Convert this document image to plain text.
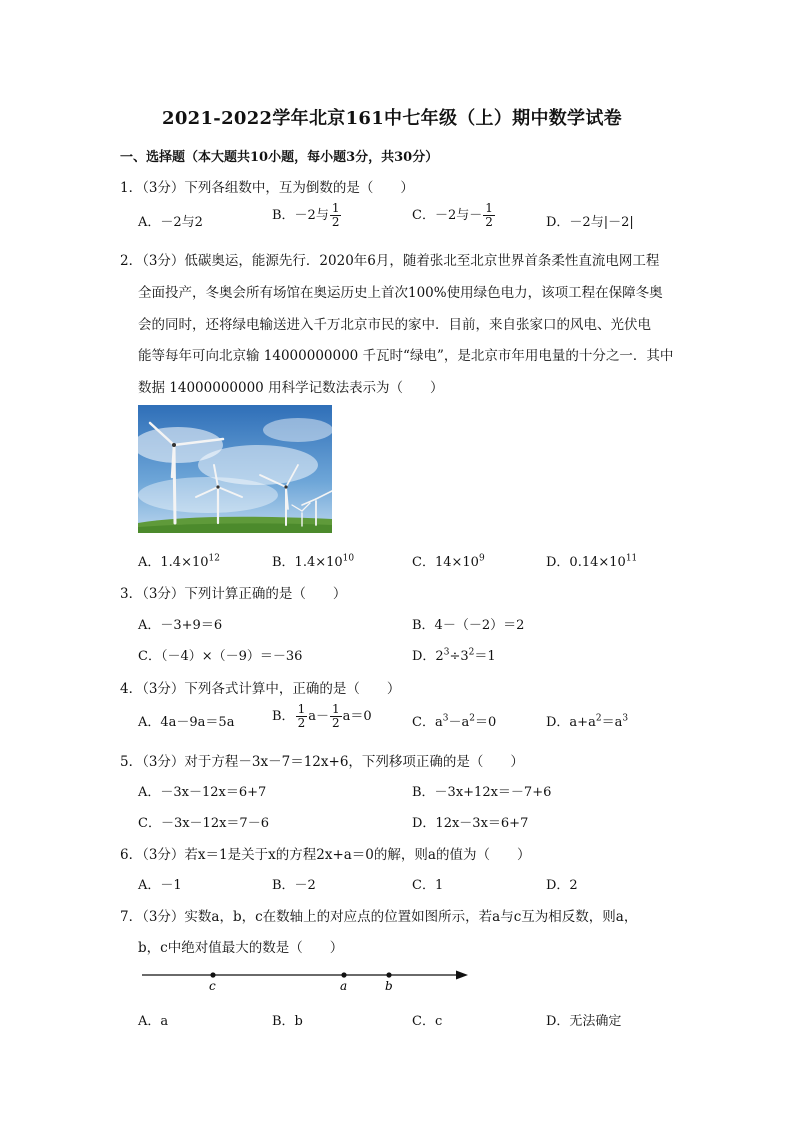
2021-2022学年北京161中七年级（上）期中数学试卷
一、选择题（本大题共10小题，每小题3分，共30分）
1．（3分）下列各组数中，互为倒数的是（　　）
A．－2与2	B．－2与 $\frac{1}{2}$	C．－2与－ $\frac{1}{2}$	D．－2与|－2|
2．（3分）低碳奥运，能源先行．2020年6月，随着张北至北京世界首条柔性直流电网工程
全面投产，冬奥会所有场馆在奥运历史上首次100%使用绿色电力，该项工程在保障冬奥
会的同时，还将绿电输送进入千万北京市民的家中．目前，来自张家口的风电、光伏电
能等每年可向北京输 14000000000 千瓦时“绿电”，是北京市年用电量的十分之一．其中
数据 14000000000 用科学记数法表示为（　　）
A．$1.4\times 10^{12}$	B．$1.4\times 10^{10}$	C．$14\times 10^9$	D．$0.14\times 10^{11}$
3．（3分）下列计算正确的是（　　）
A．－3+9＝6	B．4－（－2）＝2
C．（－4）×（－9）＝－36	D．$2^3\div 3^2=1$
4．（3分）下列各式计算中，正确的是（　　）
A．4a－9a＝5a	B． $\frac{1}{2} a- \frac{1}{2} a=0$	C．$a^3-a^2=0$	D．$a+a^2=a^3$
5．（3分）对于方程－3x－7＝12x+6，下列移项正确的是（　　）
A．－3x－12x＝6+7	B．－3x+12x＝－7+6
C．－3x－12x＝7－6	D．12x－3x＝6+7
6．（3分）若x＝1是关于x的方程2x+a＝0的解，则a的值为（　　）
A．－1	B．－2	C．1	D．2
7．（3分）实数a，b，c在数轴上的对应点的位置如图所示，若a与c互为相反数，则a，
b，c中绝对值最大的数是（　　）
c	a	b
A．a	B．b	C．c	D．无法确定
